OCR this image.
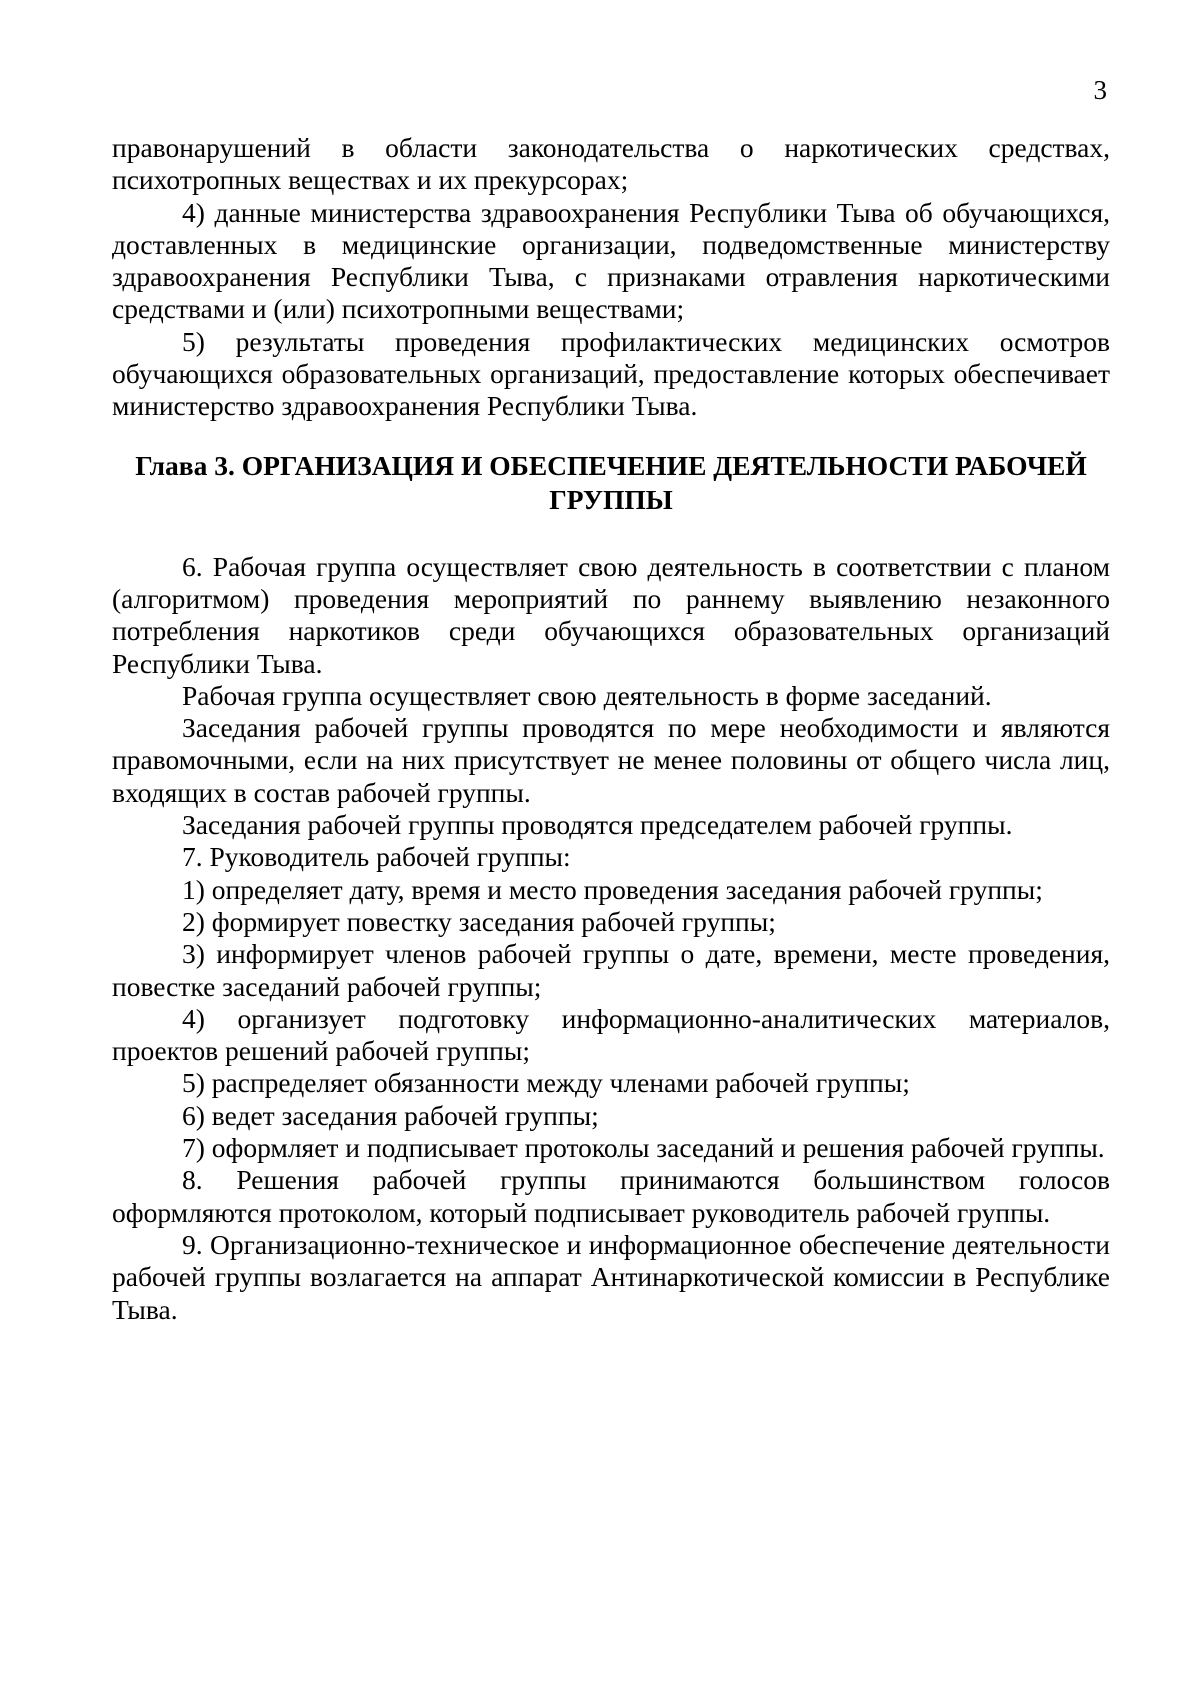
3

правонарушений в области законодательства о наркотических средствах, психотропных веществах и их прекурсорах;

4) данные министерства здравоохранения Республики Тыва об обучающихся, доставленных в медицинские организации, подведомственные министерству здравоохранения Республики Тыва, с признаками отравления наркотическими средствами и (или) психотропными веществами;

5) результаты проведения профилактических медицинских осмотров обучающихся образовательных организаций, предоставление которых обеспечивает министерство здравоохранения Республики Тыва.

Глава 3. ОРГАНИЗАЦИЯ И ОБЕСПЕЧЕНИЕ ДЕЯТЕЛЬНОСТИ РАБОЧЕЙ ГРУППЫ

6. Рабочая группа осуществляет свою деятельность в соответствии с планом (алгоритмом) проведения мероприятий по раннему выявлению незаконного потребления наркотиков среди обучающихся образовательных организаций Республики Тыва.

Рабочая группа осуществляет свою деятельность в форме заседаний.

Заседания рабочей группы проводятся по мере необходимости и являются правомочными, если на них присутствует не менее половины от общего числа лиц, входящих в состав рабочей группы.

Заседания рабочей группы проводятся председателем рабочей группы.

7. Руководитель рабочей группы:

1) определяет дату, время и место проведения заседания рабочей группы;

2) формирует повестку заседания рабочей группы;

3) информирует членов рабочей группы о дате, времени, месте проведения, повестке заседаний рабочей группы;

4) организует подготовку информационно-аналитических материалов, проектов решений рабочей группы;

5) распределяет обязанности между членами рабочей группы;

6) ведет заседания рабочей группы;

7) оформляет и подписывает протоколы заседаний и решения рабочей группы.

8. Решения рабочей группы принимаются большинством голосов оформляются протоколом, который подписывает руководитель рабочей группы.

9. Организационно-техническое и информационное обеспечение деятельности рабочей группы возлагается на аппарат Антинаркотической комиссии в Республике Тыва.
